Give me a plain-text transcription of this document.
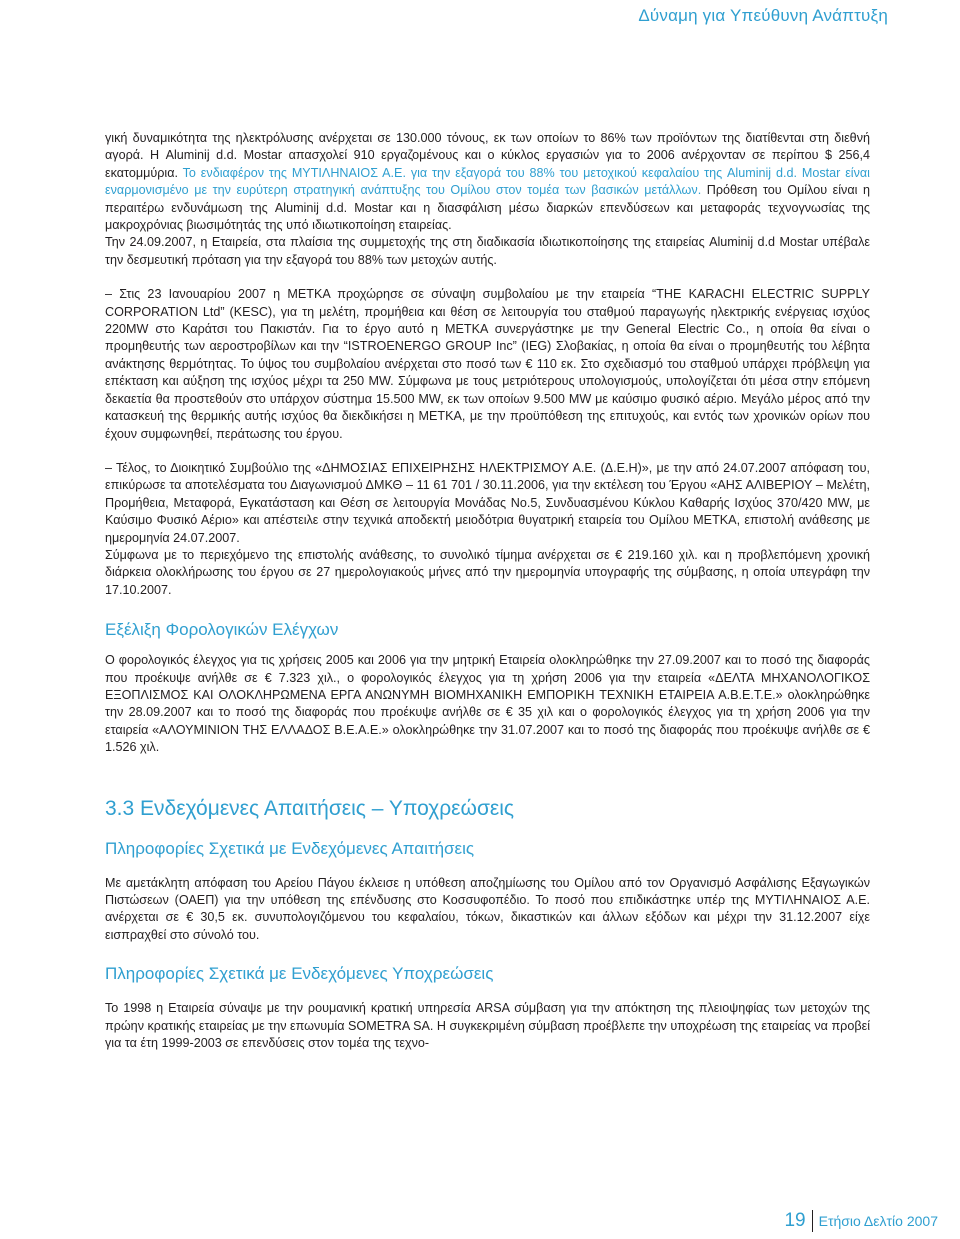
Δύναμη για Υπεύθυνη Ανάπτυξη

γική δυναμικότητα της ηλεκτρόλυσης ανέρχεται σε 130.000 τόνους, εκ των οποίων το 86% των προϊόντων της διατίθενται στη διεθνή αγορά. Η Aluminij d.d. Mostar απασχολεί 910 εργαζομένους και ο κύκλος εργασιών για το 2006 ανέρχονταν σε περίπου $ 256,4 εκατομμύρια. Το ενδιαφέρον της ΜΥΤΙΛΗΝΑΙΟΣ Α.Ε. για την εξαγορά του 88% του μετοχικού κεφαλαίου της Aluminij d.d. Mostar είναι εναρμονισμένο με την ευρύτερη στρατηγική ανάπτυξης του Ομίλου στον τομέα των βασικών μετάλλων. Πρόθεση του Ομίλου είναι η περαιτέρω ενδυνάμωση της Aluminij d.d. Mostar και η διασφάλιση μέσω διαρκών επενδύσεων και μεταφοράς τεχνογνωσίας της μακροχρόνιας βιωσιμότητάς της υπό ιδιωτικοποίηση εταιρείας.

Την 24.09.2007, η Εταιρεία, στα πλαίσια της συμμετοχής της στη διαδικασία ιδιωτικοποίησης της εταιρείας Aluminij d.d Mostar υπέβαλε την δεσμευτική πρόταση για την εξαγορά του 88% των μετοχών αυτής.

– Στις 23 Ιανουαρίου 2007 η ΜΕΤΚΑ προχώρησε σε σύναψη συμβολαίου με την εταιρεία “THE KARACHI ELECTRIC SUPPLY CORPORATION Ltd” (KESC), για τη μελέτη, προμήθεια και θέση σε λειτουργία του σταθμού παραγωγής ηλεκτρικής ενέργειας ισχύος 220MW στο Καράτσι του Πακιστάν. Για το έργο αυτό η ΜΕΤΚΑ συνεργάστηκε με την General Electric Co., η οποία θα είναι ο προμηθευτής των αεροστροβίλων και την “ISTROENERGO GROUP Inc” (IEG) Σλοβακίας, η οποία θα είναι ο προμηθευτής του λέβητα ανάκτησης θερμότητας. Το ύψος του συμβολαίου ανέρχεται στο ποσό των € 110 εκ. Στο σχεδιασμό του σταθμού υπάρχει πρόβλεψη για επέκταση και αύξηση της ισχύος μέχρι τα 250 MW. Σύμφωνα με τους μετριότερους υπολογισμούς, υπολογίζεται ότι μέσα στην επόμενη δεκαετία θα προστεθούν στο υπάρχον σύστημα 15.500 MW, εκ των οποίων 9.500 MW με καύσιμο φυσικό αέριο. Μεγάλο μέρος από την κατασκευή της θερμικής αυτής ισχύος θα διεκδικήσει η ΜΕΤΚΑ, με την προϋπόθεση της επιτυχούς, και εντός των χρονικών ορίων που έχουν συμφωνηθεί, περάτωσης του έργου.

– Τέλος, το Διοικητικό Συμβούλιο της «ΔΗΜΟΣΙΑΣ ΕΠΙΧΕΙΡΗΣΗΣ ΗΛΕΚΤΡΙΣΜΟΥ Α.Ε. (Δ.Ε.Η)», με την από 24.07.2007 απόφαση του, επικύρωσε τα αποτελέσματα του Διαγωνισμού ΔΜΚΘ – 11 61 701 / 30.11.2006, για την εκτέλεση του Έργου «ΑΗΣ ΑΛΙΒΕΡΙΟΥ – Μελέτη, Προμήθεια, Μεταφορά, Εγκατάσταση και Θέση σε λειτουργία Μονάδας No.5, Συνδυασμένου Κύκλου Καθαρής Ισχύος 370/420 MW, με Καύσιμο Φυσικό Αέριο» και απέστειλε στην τεχνικά αποδεκτή μειοδότρια θυγατρική εταιρεία του Ομίλου ΜΕΤΚΑ, επιστολή ανάθεσης με ημερομηνία 24.07.2007.

Σύμφωνα με το περιεχόμενο της επιστολής ανάθεσης, το συνολικό τίμημα ανέρχεται σε € 219.160 χιλ. και η προβλεπόμενη χρονική διάρκεια ολοκλήρωσης του έργου σε 27 ημερολογιακούς μήνες από την ημερομηνία υπογραφής της σύμβασης, η οποία υπεγράφη την 17.10.2007.

Εξέλιξη Φορολογικών Ελέγχων

Ο φορολογικός έλεγχος για τις χρήσεις 2005 και 2006 για την μητρική Εταιρεία ολοκληρώθηκε την 27.09.2007 και το ποσό της διαφοράς που προέκυψε ανήλθε σε € 7.323 χιλ., ο φορολογικός έλεγχος για τη χρήση 2006 για την εταιρεία «ΔΕΛΤΑ ΜΗΧΑΝΟΛΟΓΙΚΟΣ ΕΞΟΠΛΙΣΜΟΣ ΚΑΙ ΟΛΟΚΛΗΡΩΜΕΝΑ ΕΡΓΑ ΑΝΩΝΥΜΗ ΒΙΟΜΗΧΑΝΙΚΗ ΕΜΠΟΡΙΚΗ ΤΕΧΝΙΚΗ ΕΤΑΙΡΕΙΑ Α.Β.Ε.Τ.Ε.» ολοκληρώθηκε την 28.09.2007 και το ποσό της διαφοράς που προέκυψε ανήλθε σε € 35 χιλ και ο φορολογικός έλεγχος για τη χρήση 2006 για την εταιρεία «ΑΛΟΥΜΙΝΙΟΝ ΤΗΣ ΕΛΛΑΔΟΣ Β.Ε.Α.Ε.» ολοκληρώθηκε την 31.07.2007 και το ποσό της διαφοράς που προέκυψε ανήλθε σε € 1.526 χιλ.

3.3 Ενδεχόμενες Απαιτήσεις – Υποχρεώσεις
Πληροφορίες Σχετικά με Ενδεχόμενες Απαιτήσεις

Με αμετάκλητη απόφαση του Αρείου Πάγου έκλεισε η υπόθεση αποζημίωσης του Ομίλου από τον Οργανισμό Ασφάλισης Εξαγωγικών Πιστώσεων (ΟΑΕΠ) για την υπόθεση της επένδυσης στο Κοσσυφοπέδιο. Το ποσό που επιδικάστηκε υπέρ της ΜΥΤΙΛΗΝΑΙΟΣ Α.Ε. ανέρχεται σε € 30,5 εκ. συνυπολογιζόμενου του κεφαλαίου, τόκων, δικαστικών και άλλων εξόδων και μέχρι την 31.12.2007 είχε εισπραχθεί στο σύνολό του.

Πληροφορίες Σχετικά με Ενδεχόμενες Υποχρεώσεις

Το 1998 η Εταιρεία σύναψε με την ρουμανική κρατική υπηρεσία ARSA σύμβαση για την απόκτηση της πλειοψηφίας των μετοχών της πρώην κρατικής εταιρείας με την επωνυμία SOMETRA SA. Η συγκεκριμένη σύμβαση προέβλεπε την υποχρέωση της εταιρείας να προβεί για τα έτη 1999-2003 σε επενδύσεις στον τομέα της τεχνο-

19 Ετήσιο Δελτίο 2007
